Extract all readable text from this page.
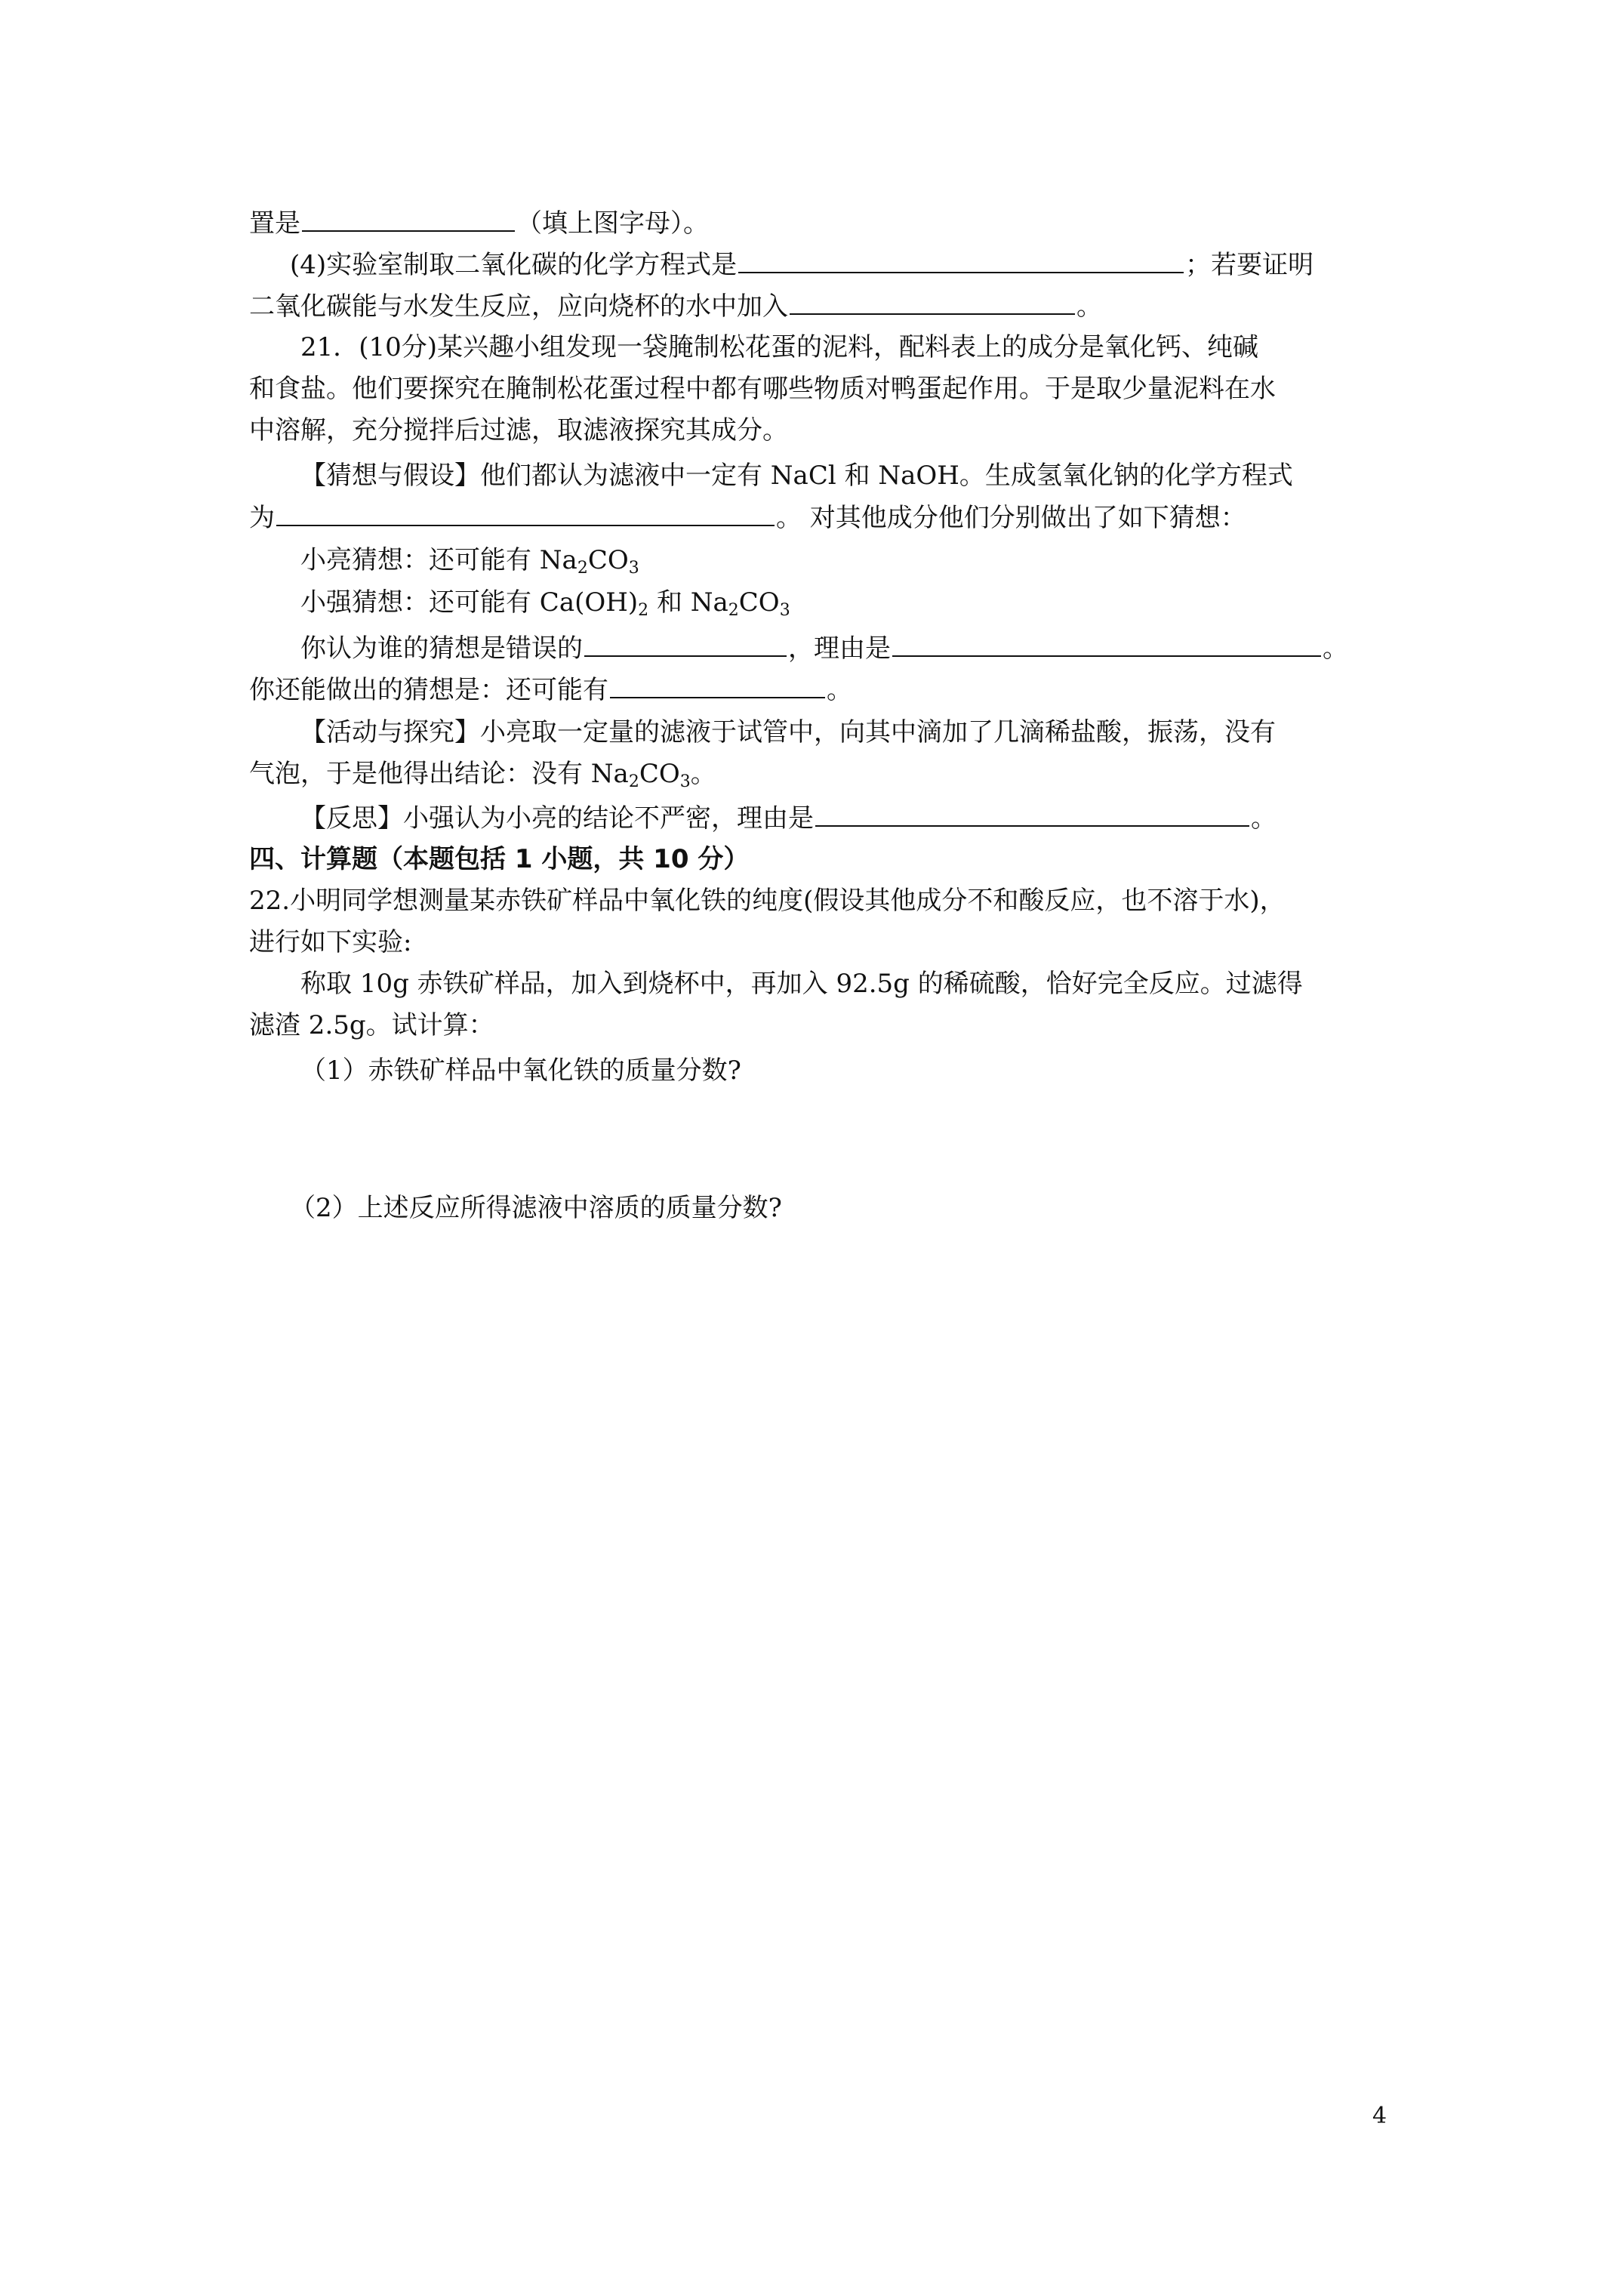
置是	（填上图字母）。
(4)实验室制取二氧化碳的化学方程式是	；若要证明
二氧化碳能与水发生反应，应向烧杯的水中加入	。
21．(10分)某兴趣小组发现一袋腌制松花蛋的泥料，配料表上的成分是氧化钙、纯碱
和食盐。他们要探究在腌制松花蛋过程中都有哪些物质对鸭蛋起作用。于是取少量泥料在水
中溶解，充分搅拌后过滤，取滤液探究其成分。
【猜想与假设】他们都认为滤液中一定有 NaCl 和 NaOH。生成氢氧化钠的化学方程式
为	。 对其他成分他们分别做出了如下猜想：
小亮猜想：还可能有 $Na_2CO_3$
小强猜想：还可能有 $Ca(OH)_2$ 和 $Na_2CO_3$
你认为谁的猜想是错误的	，理由是	。
你还能做出的猜想是：还可能有	。
【活动与探究】小亮取一定量的滤液于试管中，向其中滴加了几滴稀盐酸，振荡，没有
气泡，于是他得出结论：没有 $Na_2CO_3$。
【反思】小强认为小亮的结论不严密，理由是	。
四、计算题（本题包括 1 小题，共 10 分）
22.小明同学想测量某赤铁矿样品中氧化铁的纯度(假设其他成分不和酸反应，也不溶于水)，
进行如下实验:
称取 10g 赤铁矿样品，加入到烧杯中，再加入 92.5g 的稀硫酸，恰好完全反应。过滤得
滤渣 2.5g。试计算：
（1）赤铁矿样品中氧化铁的质量分数?
（2）上述反应所得滤液中溶质的质量分数?
4
